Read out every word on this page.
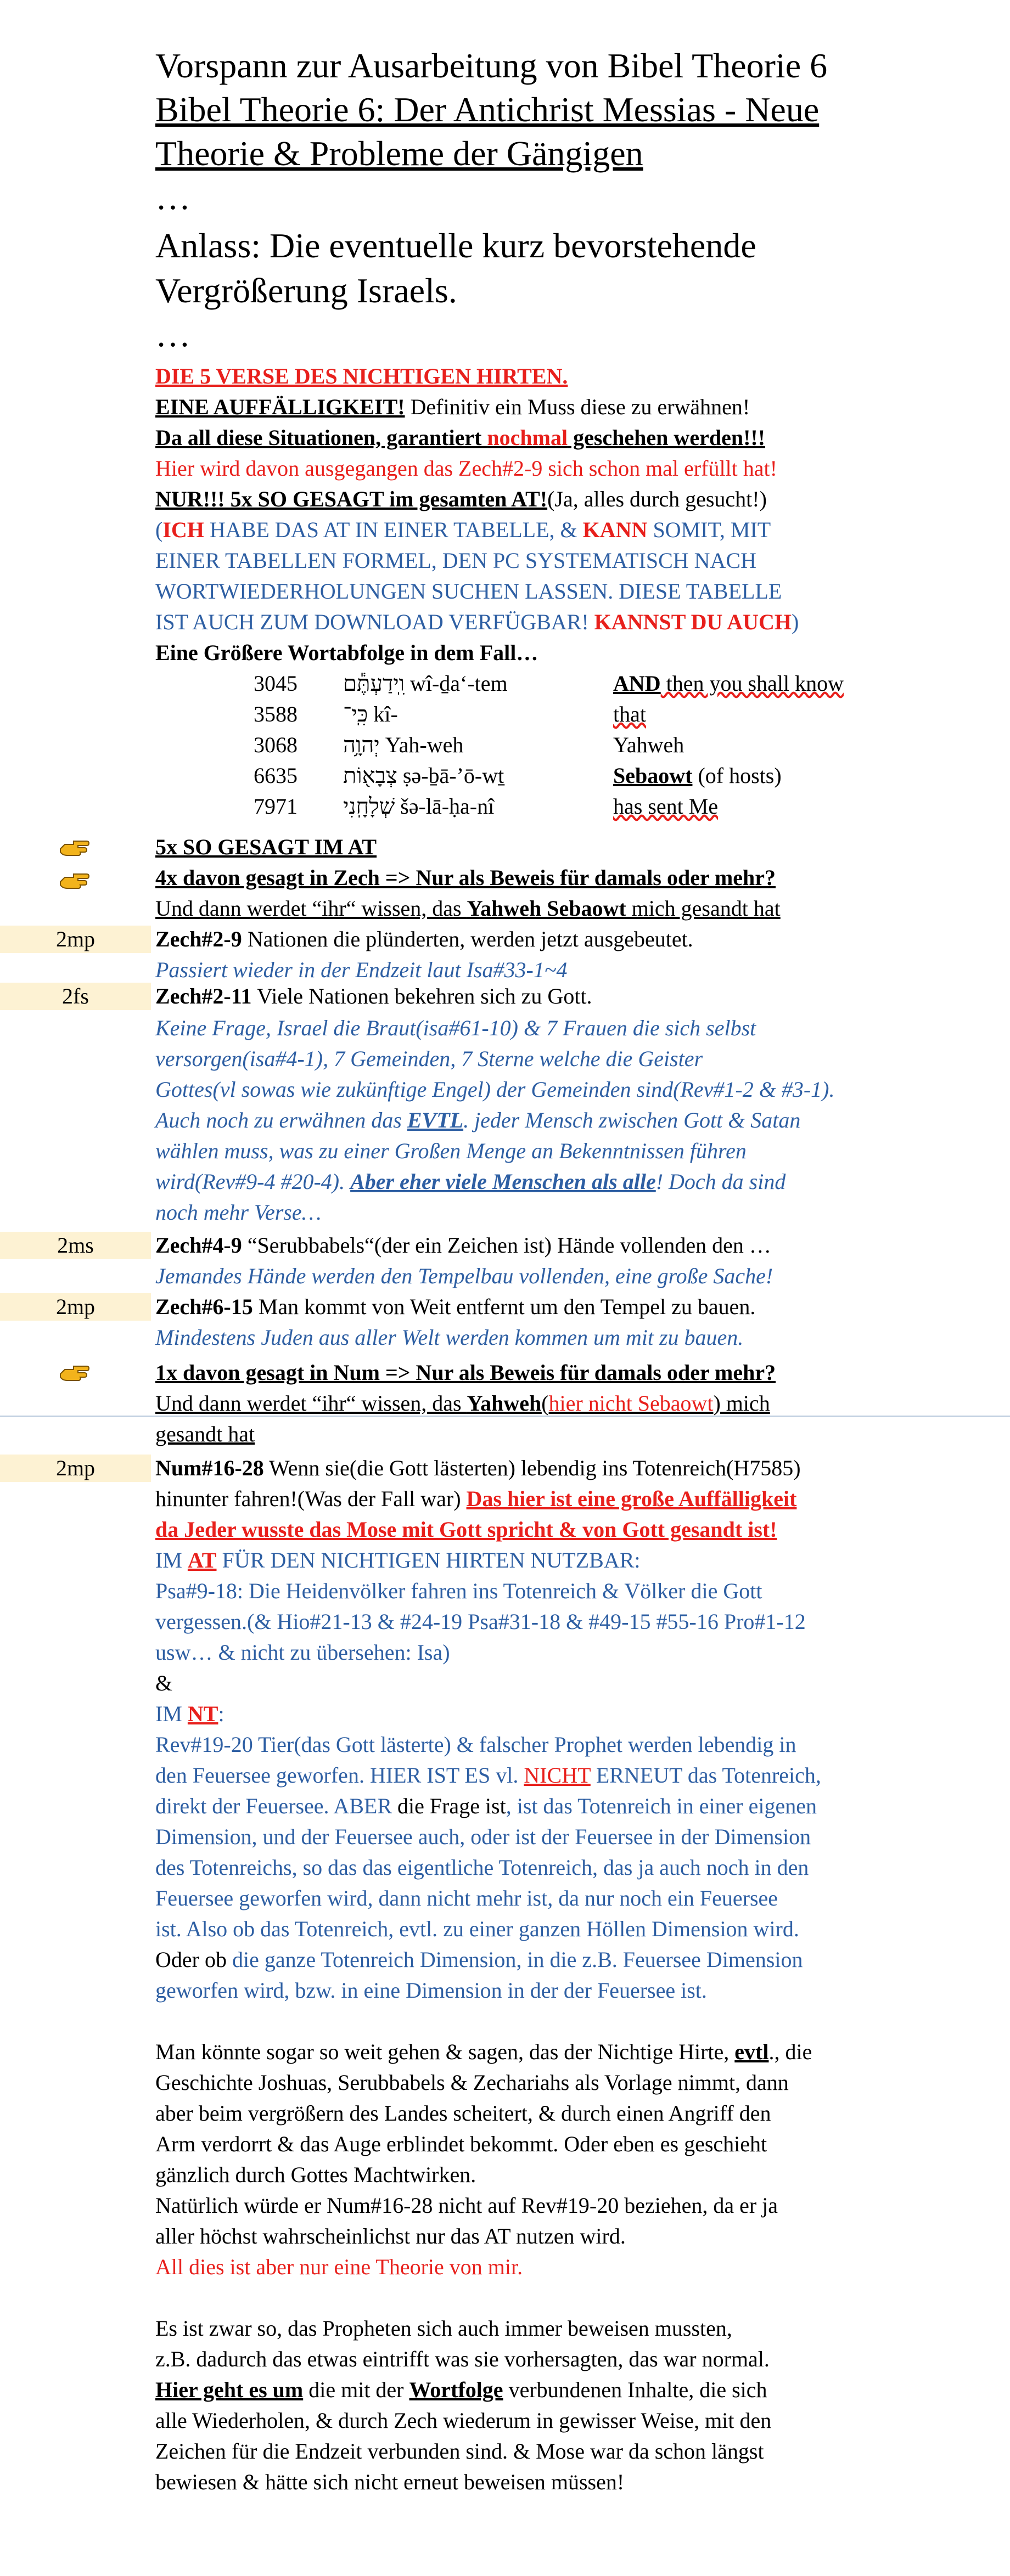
Vorspann zur Ausarbeitung von Bibel Theorie 6
Bibel Theorie 6: Der Antichrist Messias - Neue
Theorie & Probleme der Gängigen
…
Anlass: Die eventuelle kurz bevorstehende
Vergrößerung Israels.
…
DIE 5 VERSE DES NICHTIGEN HIRTEN.
EINE AUFFÄLLIGKEIT! Definitiv ein Muss diese zu erwähnen!
Da all diese Situationen, garantiert nochmal geschehen werden!!!
Hier wird davon ausgegangen das Zech#2-9 sich schon mal erfüllt hat!
NUR!!! 5x SO GESAGT im gesamten AT!(Ja, alles durch gesucht!)
(ICH HABE DAS AT IN EINER TABELLE, & KANN SOMIT, MIT
EINER TABELLEN FORMEL, DEN PC SYSTEMATISCH NACH
WORTWIEDERHOLUNGEN SUCHEN LASSEN. DIESE TABELLE
IST AUCH ZUM DOWNLOAD VERFÜGBAR! KANNST DU AUCH)
Eine Größere Wortabfolge in dem Fall…
3045 וִֽידַעְתֶּ֕ם wî-ḏa‘-tem	AND then you shall know
3588 כִּֽי־ kî-	that
3068 יְהוָ֥ה Yah-weh	Yahweh
6635 צְבָא֖וֹת ṣə-ḇā-’ō-wṯ	Sebaowt (of hosts)
7971 שְׁלָחָֽנִי šə-lā-ḥa-nî	has sent Me
5x SO GESAGT IM AT
4x davon gesagt in Zech => Nur als Beweis für damals oder mehr?
Und dann werdet “ihr“ wissen, das Yahweh Sebaowt mich gesandt hat
2mp	Zech#2-9 Nationen die plünderten, werden jetzt ausgebeutet.
Passiert wieder in der Endzeit laut Isa#33-1~4
2fs	Zech#2-11 Viele Nationen bekehren sich zu Gott.
Keine Frage, Israel die Braut(isa#61-10) & 7 Frauen die sich selbst
versorgen(isa#4-1), 7 Gemeinden, 7 Sterne welche die Geister
Gottes(vl sowas wie zukünftige Engel) der Gemeinden sind(Rev#1-2 & #3-1).
Auch noch zu erwähnen das EVTL. jeder Mensch zwischen Gott & Satan
wählen muss, was zu einer Großen Menge an Bekenntnissen führen
wird(Rev#9-4 #20-4). Aber eher viele Menschen als alle! Doch da sind
noch mehr Verse…
2ms	Zech#4-9 “Serubbabels“(der ein Zeichen ist) Hände vollenden den …
Jemandes Hände werden den Tempelbau vollenden, eine große Sache!
2mp	Zech#6-15 Man kommt von Weit entfernt um den Tempel zu bauen.
Mindestens Juden aus aller Welt werden kommen um mit zu bauen.
1x davon gesagt in Num => Nur als Beweis für damals oder mehr?
Und dann werdet “ihr“ wissen, das Yahweh(hier nicht Sebaowt) mich
gesandt hat
2mp	Num#16-28 Wenn sie(die Gott lästerten) lebendig ins Totenreich(H7585)
hinunter fahren!(Was der Fall war) Das hier ist eine große Auffälligkeit
da Jeder wusste das Mose mit Gott spricht & von Gott gesandt ist!
IM AT FÜR DEN NICHTIGEN HIRTEN NUTZBAR:
Psa#9-18: Die Heidenvölker fahren ins Totenreich & Völker die Gott
vergessen.(& Hio#21-13 & #24-19 Psa#31-18 & #49-15 #55-16 Pro#1-12
usw… & nicht zu übersehen: Isa)
&
IM NT:
Rev#19-20 Tier(das Gott lästerte) & falscher Prophet werden lebendig in
den Feuersee geworfen. HIER IST ES vl. NICHT ERNEUT das Totenreich,
direkt der Feuersee. ABER die Frage ist, ist das Totenreich in einer eigenen
Dimension, und der Feuersee auch, oder ist der Feuersee in der Dimension
des Totenreichs, so das das eigentliche Totenreich, das ja auch noch in den
Feuersee geworfen wird, dann nicht mehr ist, da nur noch ein Feuersee
ist. Also ob das Totenreich, evtl. zu einer ganzen Höllen Dimension wird.
Oder ob die ganze Totenreich Dimension, in die z.B. Feuersee Dimension
geworfen wird, bzw. in eine Dimension in der der Feuersee ist.
Man könnte sogar so weit gehen & sagen, das der Nichtige Hirte, evtl., die
Geschichte Joshuas, Serubbabels & Zechariahs als Vorlage nimmt, dann
aber beim vergrößern des Landes scheitert, & durch einen Angriff den
Arm verdorrt & das Auge erblindet bekommt. Oder eben es geschieht
gänzlich durch Gottes Machtwirken.
Natürlich würde er Num#16-28 nicht auf Rev#19-20 beziehen, da er ja
aller höchst wahrscheinlichst nur das AT nutzen wird.
All dies ist aber nur eine Theorie von mir.
Es ist zwar so, das Propheten sich auch immer beweisen mussten,
z.B. dadurch das etwas eintrifft was sie vorhersagten, das war normal.
Hier geht es um die mit der Wortfolge verbundenen Inhalte, die sich
alle Wiederholen, & durch Zech wiederum in gewisser Weise, mit den
Zeichen für die Endzeit verbunden sind. & Mose war da schon längst
bewiesen & hätte sich nicht erneut beweisen müssen!
